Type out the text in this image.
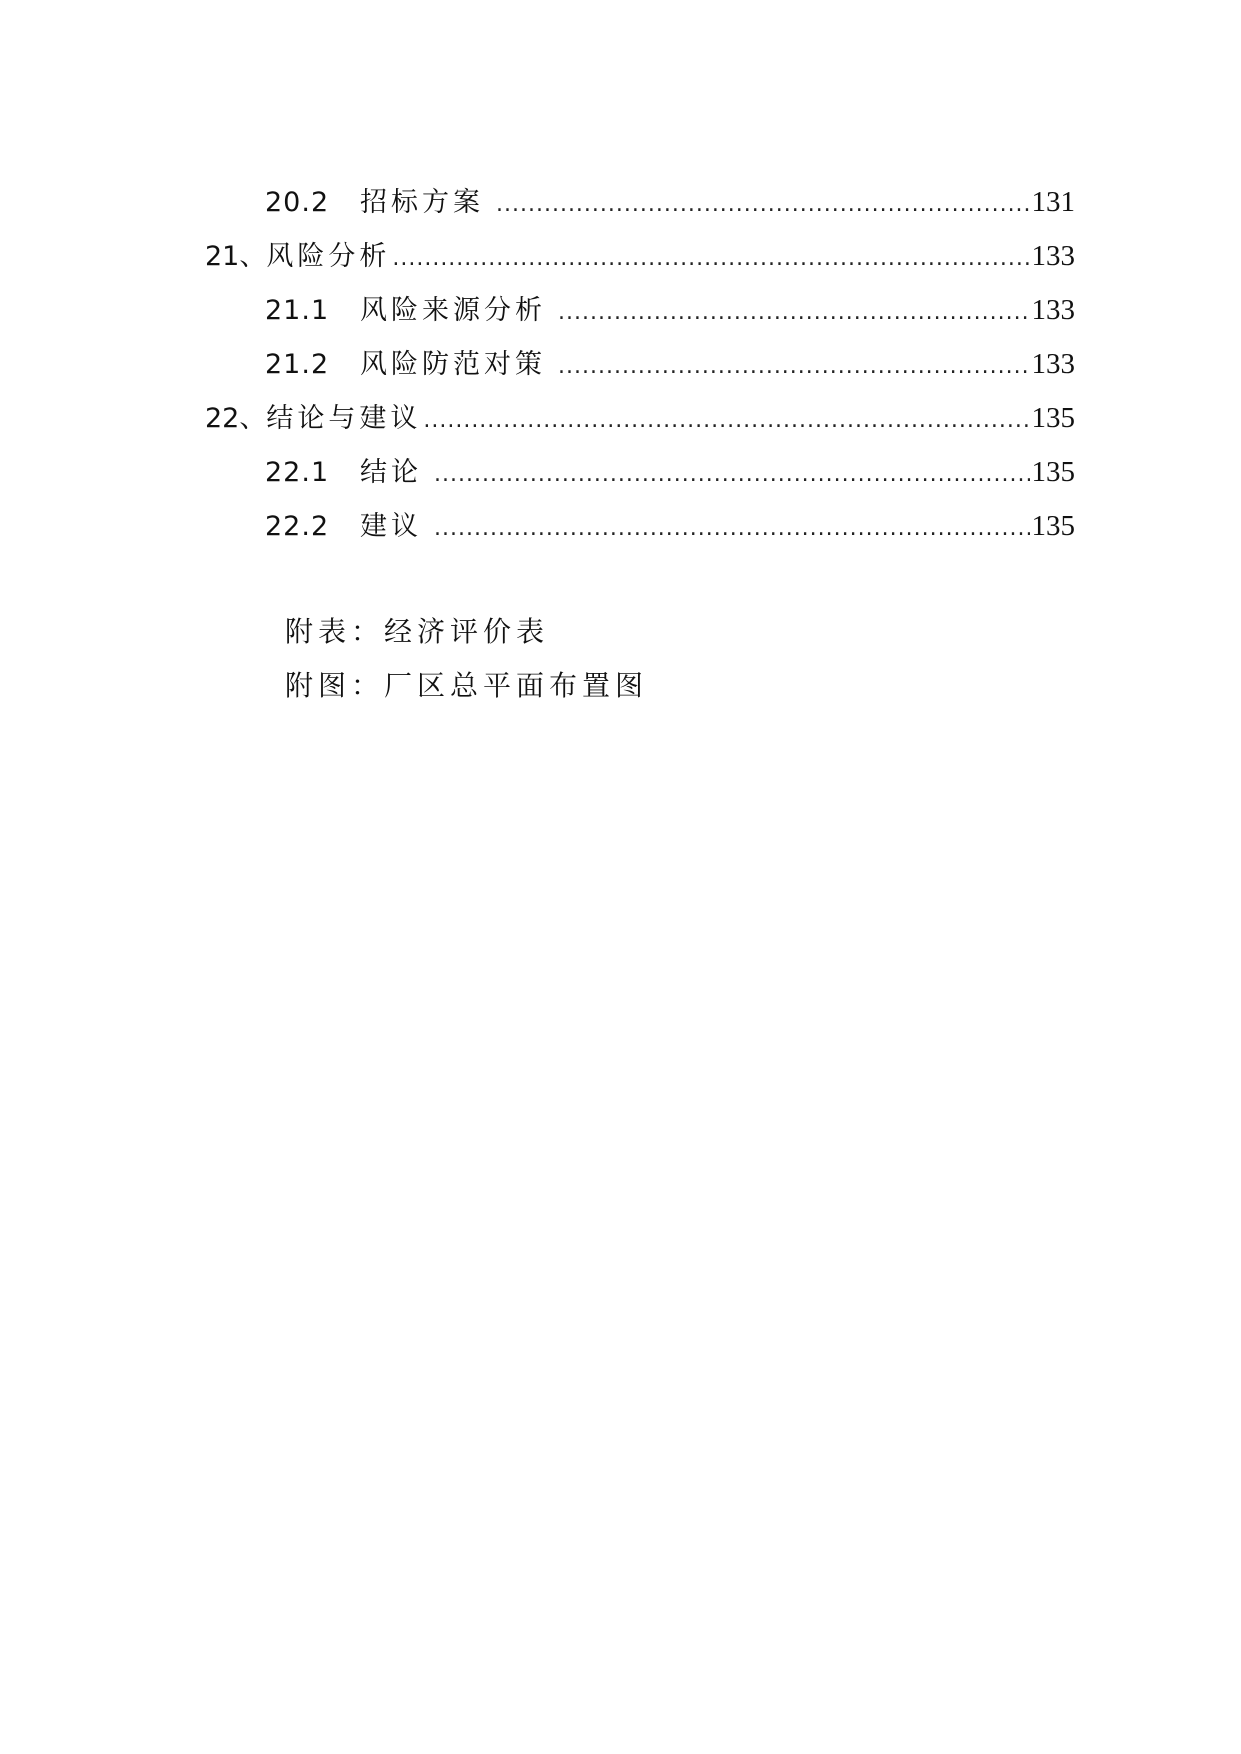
20.2	招标方案 .....	131
21、 风险分析 .....	133
21.1	风险来源分析 .....	133
21.2	风险防范对策 .....	133
22、 结论与建议 .....	135
22.1	结论 .....	135
22.2	建议 .....	135
附表：经济评价表
附图：厂区总平面布置图
